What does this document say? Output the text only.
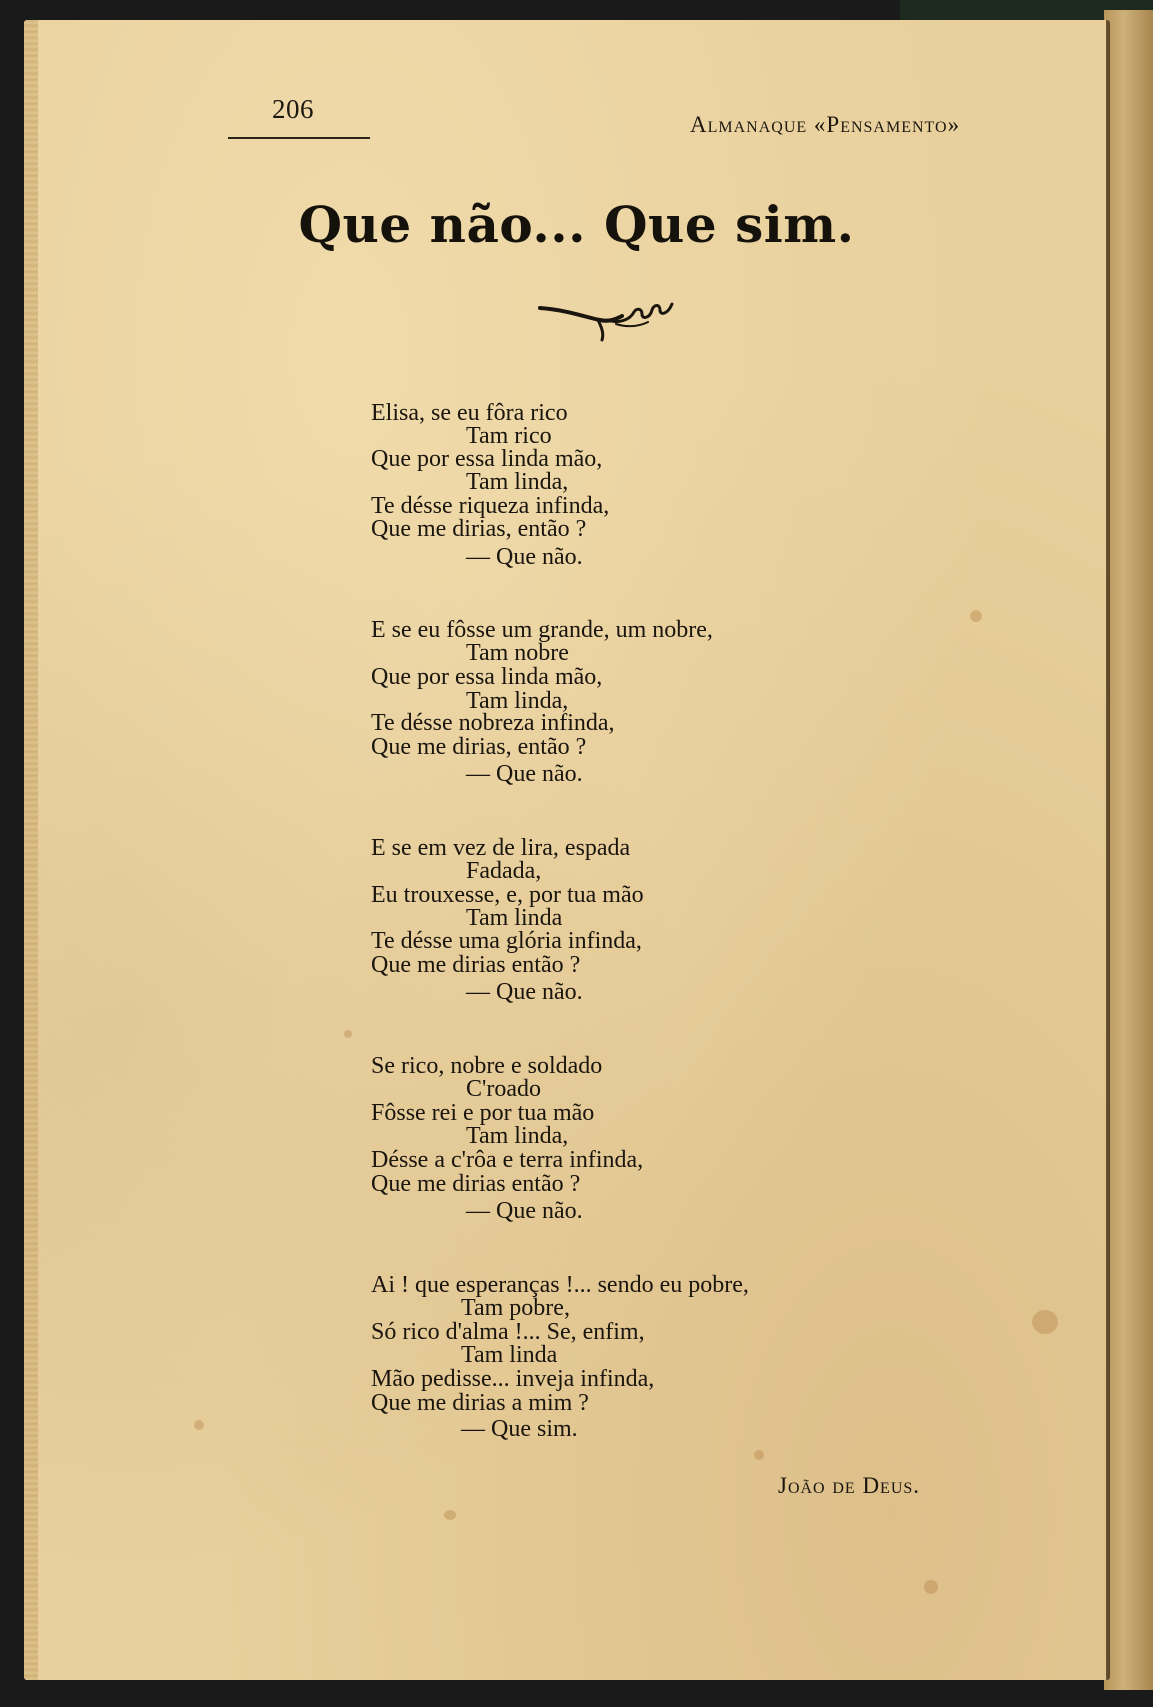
206
Almanaque «Pensamento»
Que não... Que sim.
Elisa, se eu fôra rico
Tam rico
Que por essa linda mão,
Tam linda,
Te désse riqueza infinda,
Que me dirias, então ?
— Que não.
E se eu fôsse um grande, um nobre,
Tam nobre
Que por essa linda mão,
Tam linda,
Te désse nobreza infinda,
Que me dirias, então ?
— Que não.
E se em vez de lira, espada
Fadada,
Eu trouxesse, e, por tua mão
Tam linda
Te désse uma glória infinda,
Que me dirias então ?
— Que não.
Se rico, nobre e soldado
C'roado
Fôsse rei e por tua mão
Tam linda,
Désse a c'rôa e terra infinda,
Que me dirias então ?
— Que não.
Ai ! que esperanças !... sendo eu pobre,
Tam pobre,
Só rico d'alma !... Se, enfim,
Tam linda
Mão pedisse... inveja infinda,
Que me dirias a mim ?
— Que sim.
João de Deus.
